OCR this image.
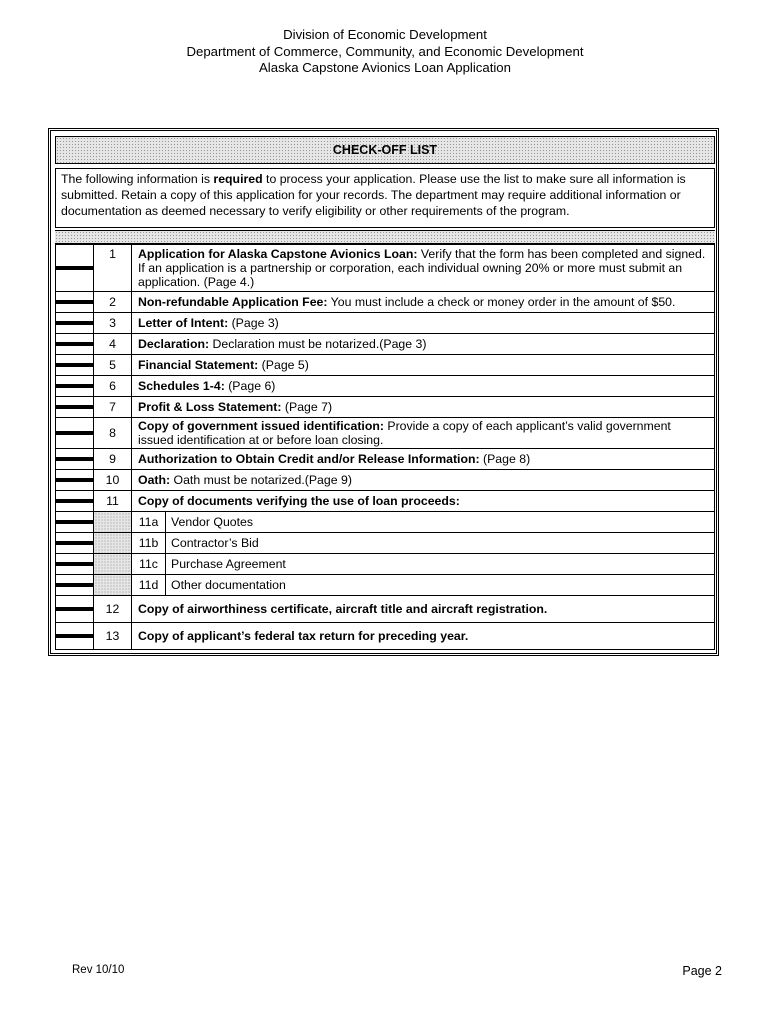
Division of Economic Development
Department of Commerce, Community, and Economic Development
Alaska Capstone Avionics Loan Application
CHECK-OFF LIST
The following information is required to process your application. Please use the list to make sure all information is submitted. Retain a copy of this application for your records. The department may require additional information or documentation as deemed necessary to verify eligibility or other requirements of the program.
	1	Application for Alaska Capstone Avionics Loan: Verify that the form has been completed and signed. If an application is a partnership or corporation, each individual owning 20% or more must submit an application. (Page 4.)	

	2	Non-refundable Application Fee: You must include a check or money order in the amount of $50.	

	3	Letter of Intent: (Page 3)	

	4	Declaration: Declaration must be notarized.(Page 3)	

	5	Financial Statement: (Page 5)	

	6	Schedules 1-4: (Page 6)	

	7	Profit & Loss Statement: (Page 7)	

	8	Copy of government issued identification: Provide a copy of each applicant’s valid government issued identification at or before loan closing.	

	9	Authorization to Obtain Credit and/or Release Information: (Page 8)	

	10	Oath: Oath must be notarized.(Page 9)	

	11	Copy of documents verifying the use of loan proceeds:	

		11a	Vendor Quotes

		11b	Contractor’s Bid

		11c	Purchase Agreement

		11d	Other documentation

	12	Copy of airworthiness certificate, aircraft title and aircraft registration.	

	13	Copy of applicant’s federal tax return for preceding year.	
Rev 10/10	Page 2
